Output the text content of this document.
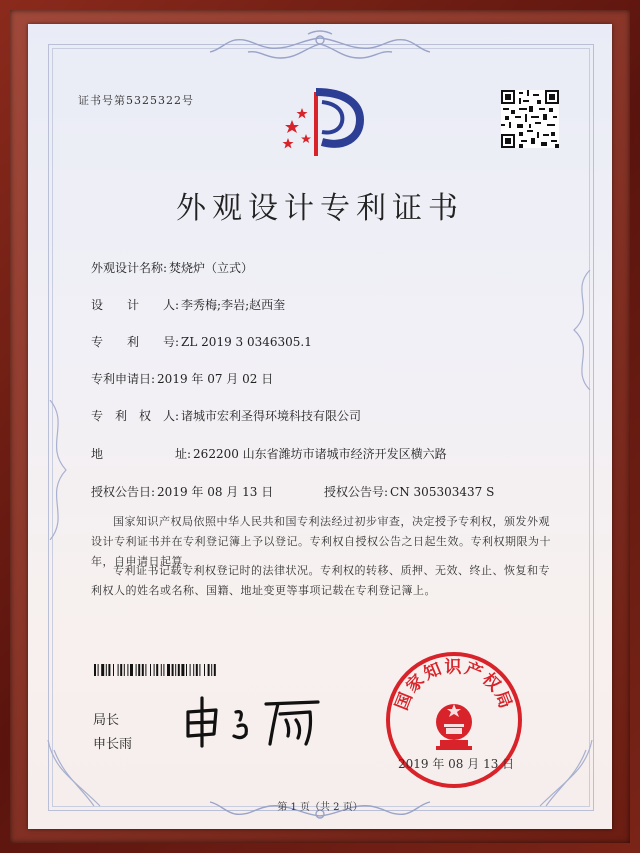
证书号第5325322号
外观设计专利证书
外观设计名称: 焚烧炉（立式）
设　　计　　人: 李秀梅;李岩;赵西奎
专　　利　　号: ZL 2019 3 0346305.1
专利申请日: 2019 年 07 月 02 日
专　利　权　人: 诸城市宏利圣得环境科技有限公司
地　　　　　　址: 262200 山东省潍坊市诸城市经济开发区横六路
授权公告日: 2019 年 08 月 13 日	授权公告号: CN 305303437 S
国家知识产权局依照中华人民共和国专利法经过初步审查，决定授予专利权，颁发外观设计专利证书并在专利登记簿上予以登记。专利权自授权公告之日起生效。专利权期限为十年，自申请日起算。
专利证书记载专利权登记时的法律状况。专利权的转移、质押、无效、终止、恢复和专利权人的姓名或名称、国籍、地址变更等事项记载在专利登记簿上。
局长
申长雨
国家知识产权局
2019 年 08 月 13 日
第 1 页（共 2 页）
